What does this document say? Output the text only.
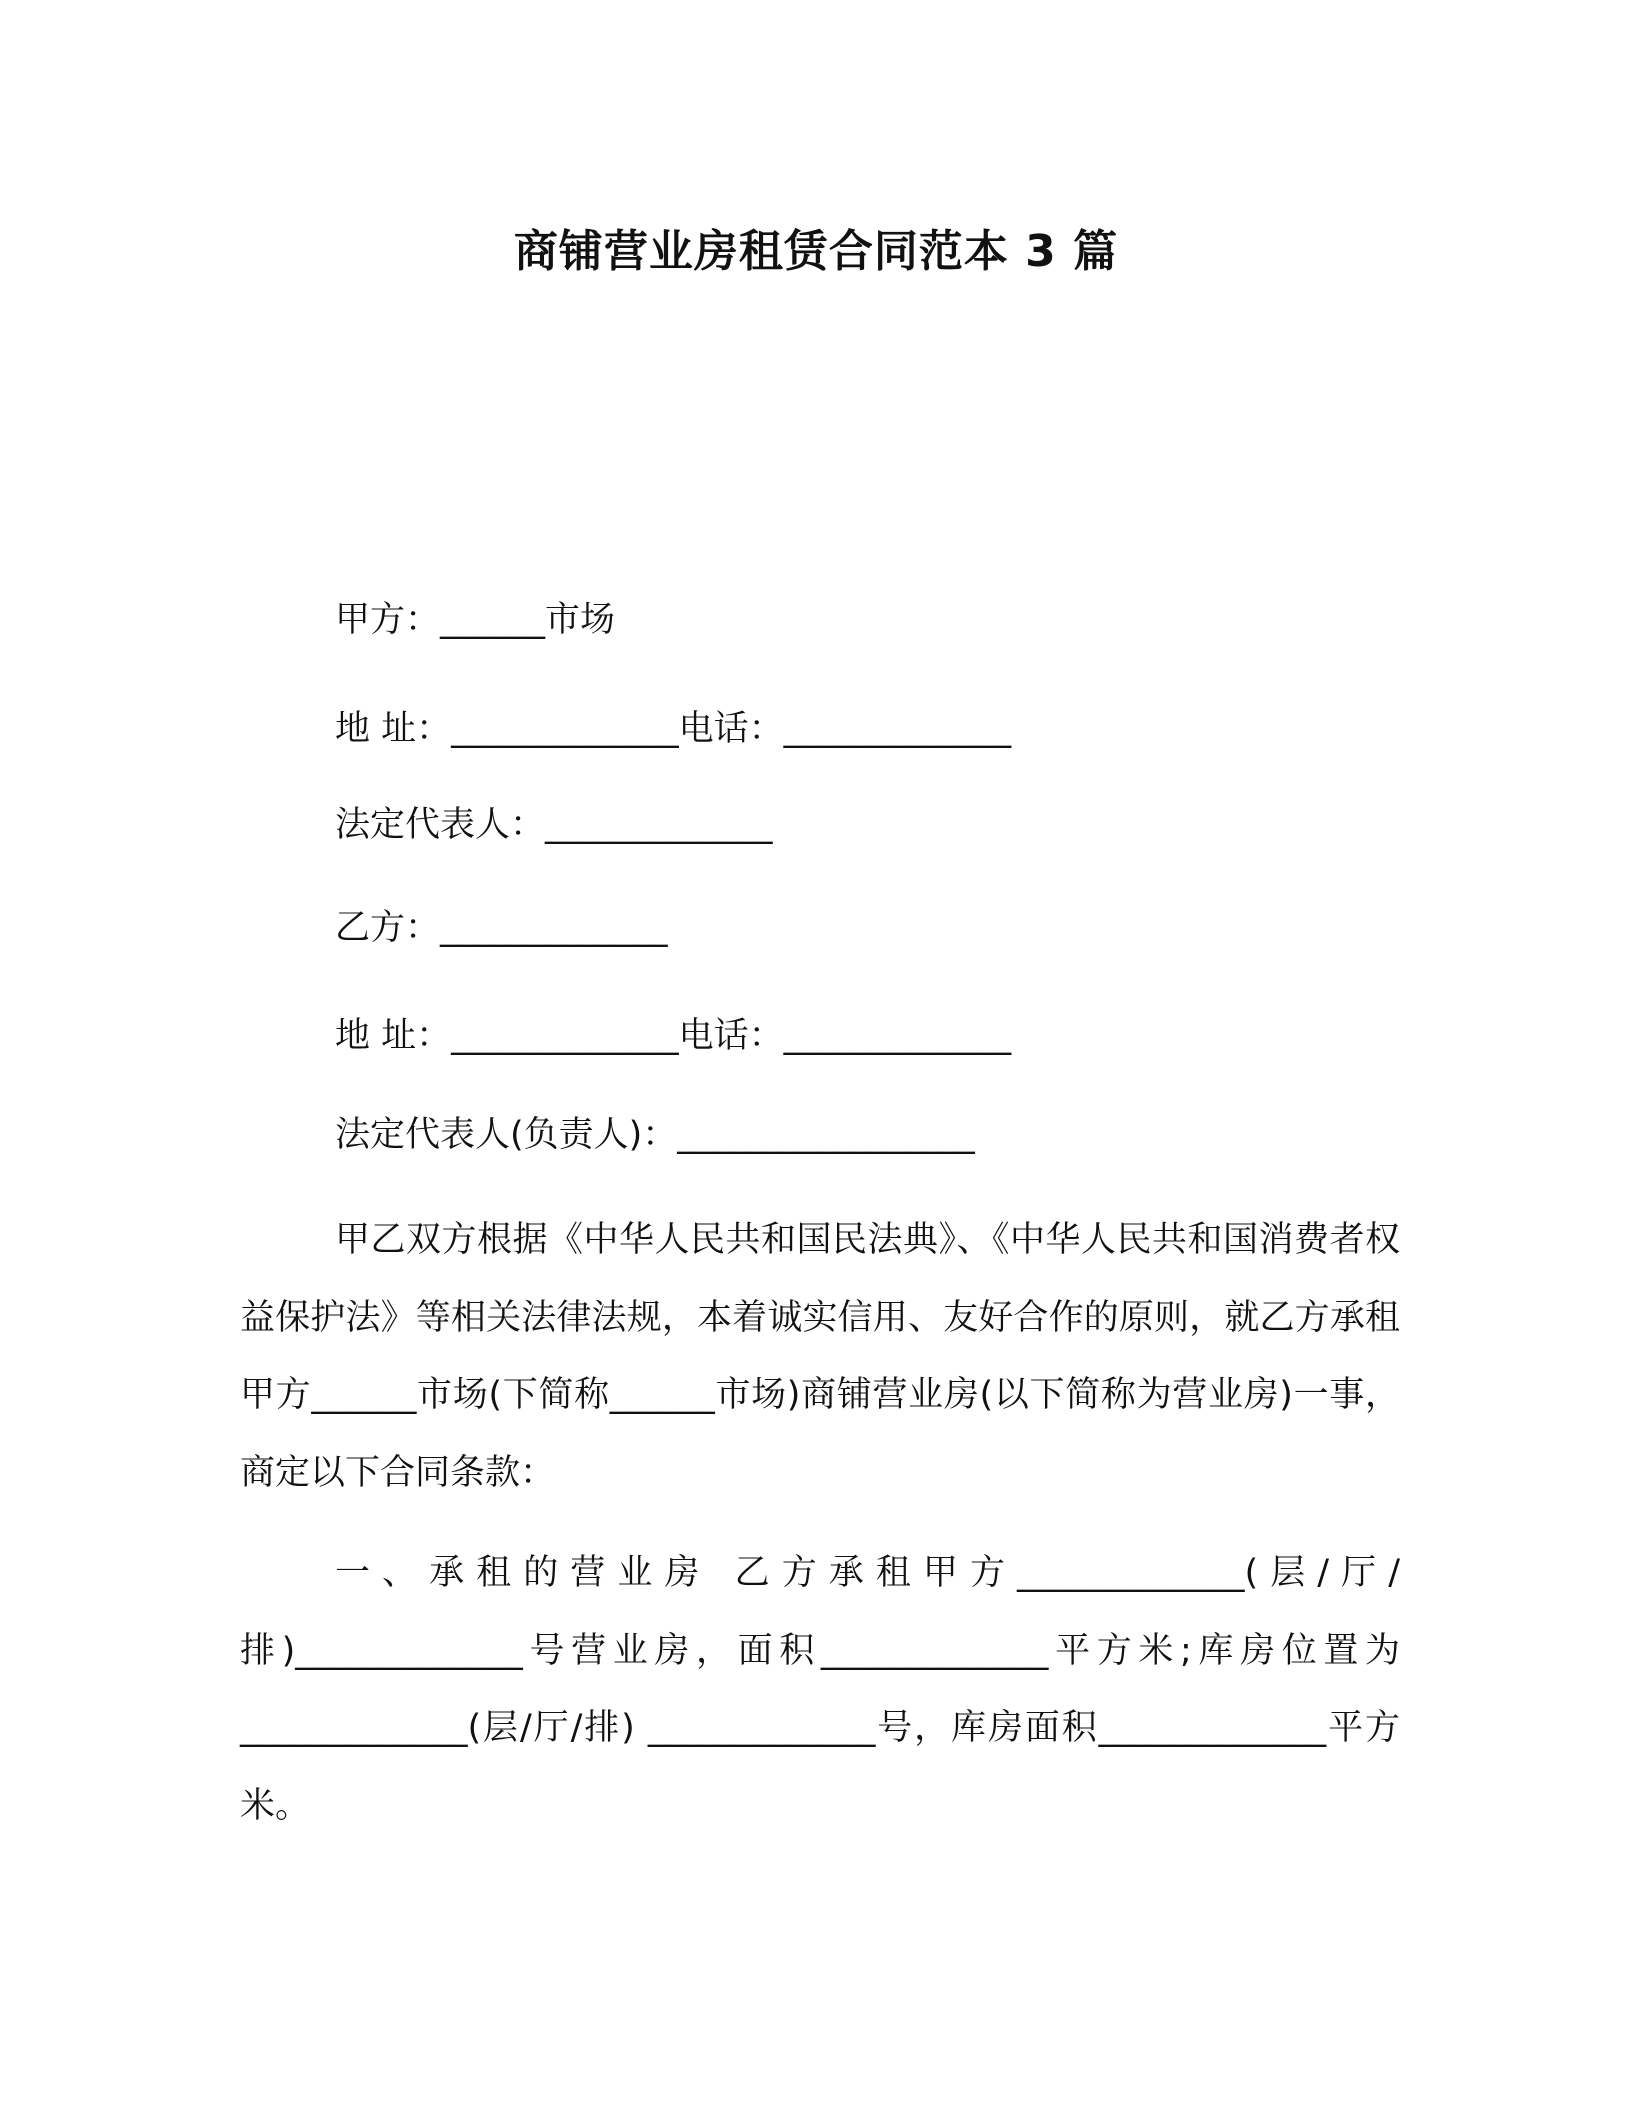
商铺营业房租赁合同范本 3 篇
甲方：______市场
地 址：_____________电话：_____________
法定代表人：_____________
乙方：_____________
地 址：_____________电话：_____________
法定代表人(负责人)：_________________

甲乙双方根据《中华人民共和国民法典》、《中华人民共和国消费者权益保护法》等相关法律法规，本着诚实信用、友好合作的原则，就乙方承租甲方______市场(下简称______市场)商铺营业房(以下简称为营业房)一事，商定以下合同条款：

一、承租的营业房 乙方承租甲方_____________(层/厅/排)_____________号营业房，面积_____________平方米;库房位置为_____________(层/厅/排) _____________号，库房面积_____________平方米。
